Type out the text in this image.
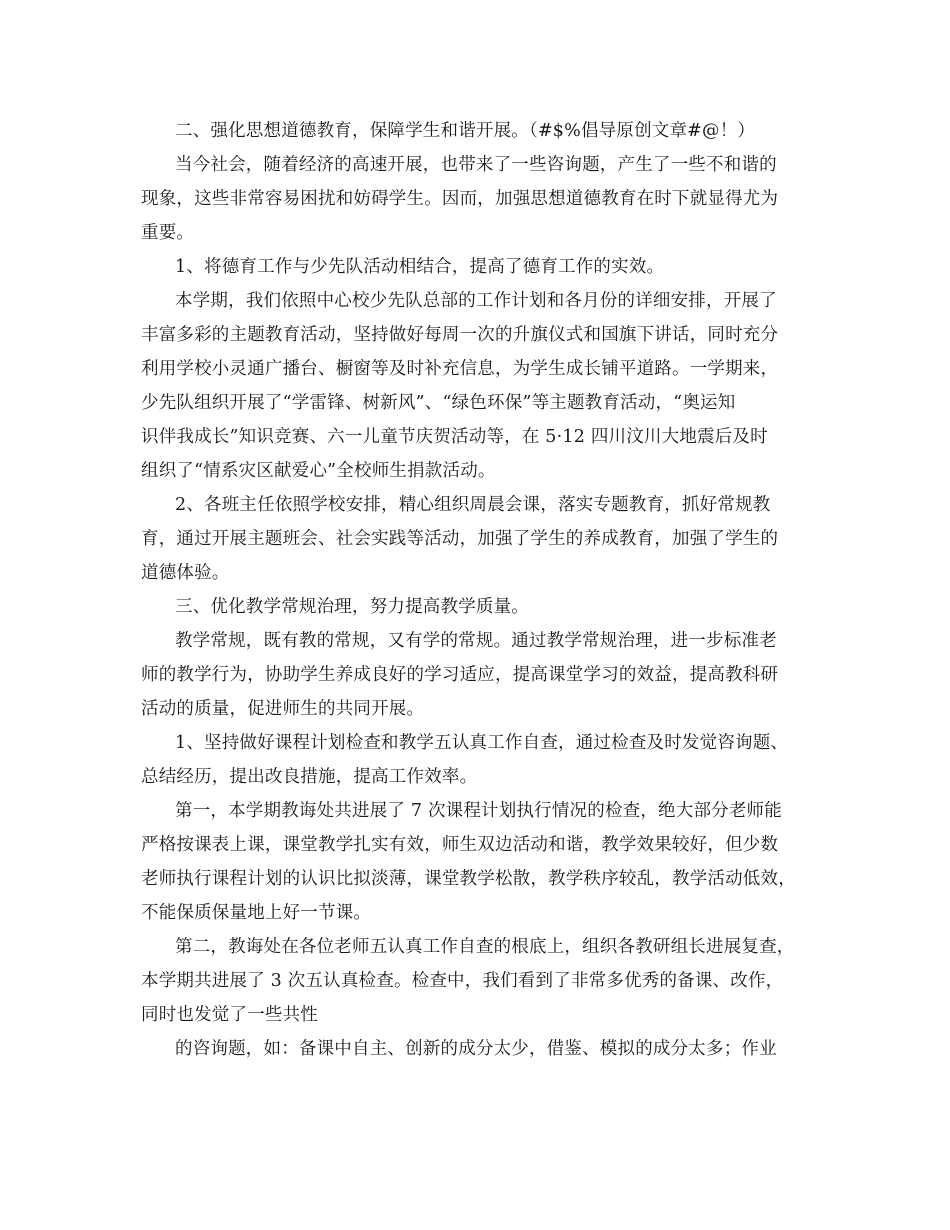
二、强化思想道德教育，保障学生和谐开展。（#$%倡导原创文章#@！）
当今社会，随着经济的高速开展，也带来了一些咨询题，产生了一些不和谐的
现象，这些非常容易困扰和妨碍学生。因而，加强思想道德教育在时下就显得尤为
重要。
1、将德育工作与少先队活动相结合，提高了德育工作的实效。
本学期，我们依照中心校少先队总部的工作计划和各月份的详细安排，开展了
丰富多彩的主题教育活动，坚持做好每周一次的升旗仪式和国旗下讲话，同时充分
利用学校小灵通广播台、橱窗等及时补充信息，为学生成长铺平道路。一学期来，
少先队组织开展了“学雷锋、树新风”、“绿色环保”等主题教育活动，“奥运知
识伴我成长”知识竞赛、六一儿童节庆贺活动等，在 5·12 四川汶川大地震后及时
组织了“情系灾区献爱心”全校师生捐款活动。
2、各班主任依照学校安排，精心组织周晨会课，落实专题教育，抓好常规教
育，通过开展主题班会、社会实践等活动，加强了学生的养成教育，加强了学生的
道德体验。
三、优化教学常规治理，努力提高教学质量。
教学常规，既有教的常规，又有学的常规。通过教学常规治理，进一步标准老
师的教学行为，协助学生养成良好的学习适应，提高课堂学习的效益，提高教科研
活动的质量，促进师生的共同开展。
1、坚持做好课程计划检查和教学五认真工作自查，通过检查及时发觉咨询题、
总结经历，提出改良措施，提高工作效率。
第一，本学期教诲处共进展了 7 次课程计划执行情况的检查，绝大部分老师能
严格按课表上课，课堂教学扎实有效，师生双边活动和谐，教学效果较好，但少数
老师执行课程计划的认识比拟淡薄，课堂教学松散，教学秩序较乱，教学活动低效，
不能保质保量地上好一节课。
第二，教诲处在各位老师五认真工作自查的根底上，组织各教研组长进展复查，
本学期共进展了 3 次五认真检查。检查中，我们看到了非常多优秀的备课、改作，
同时也发觉了一些共性
的咨询题，如：备课中自主、创新的成分太少，借鉴、模拟的成分太多；作业
